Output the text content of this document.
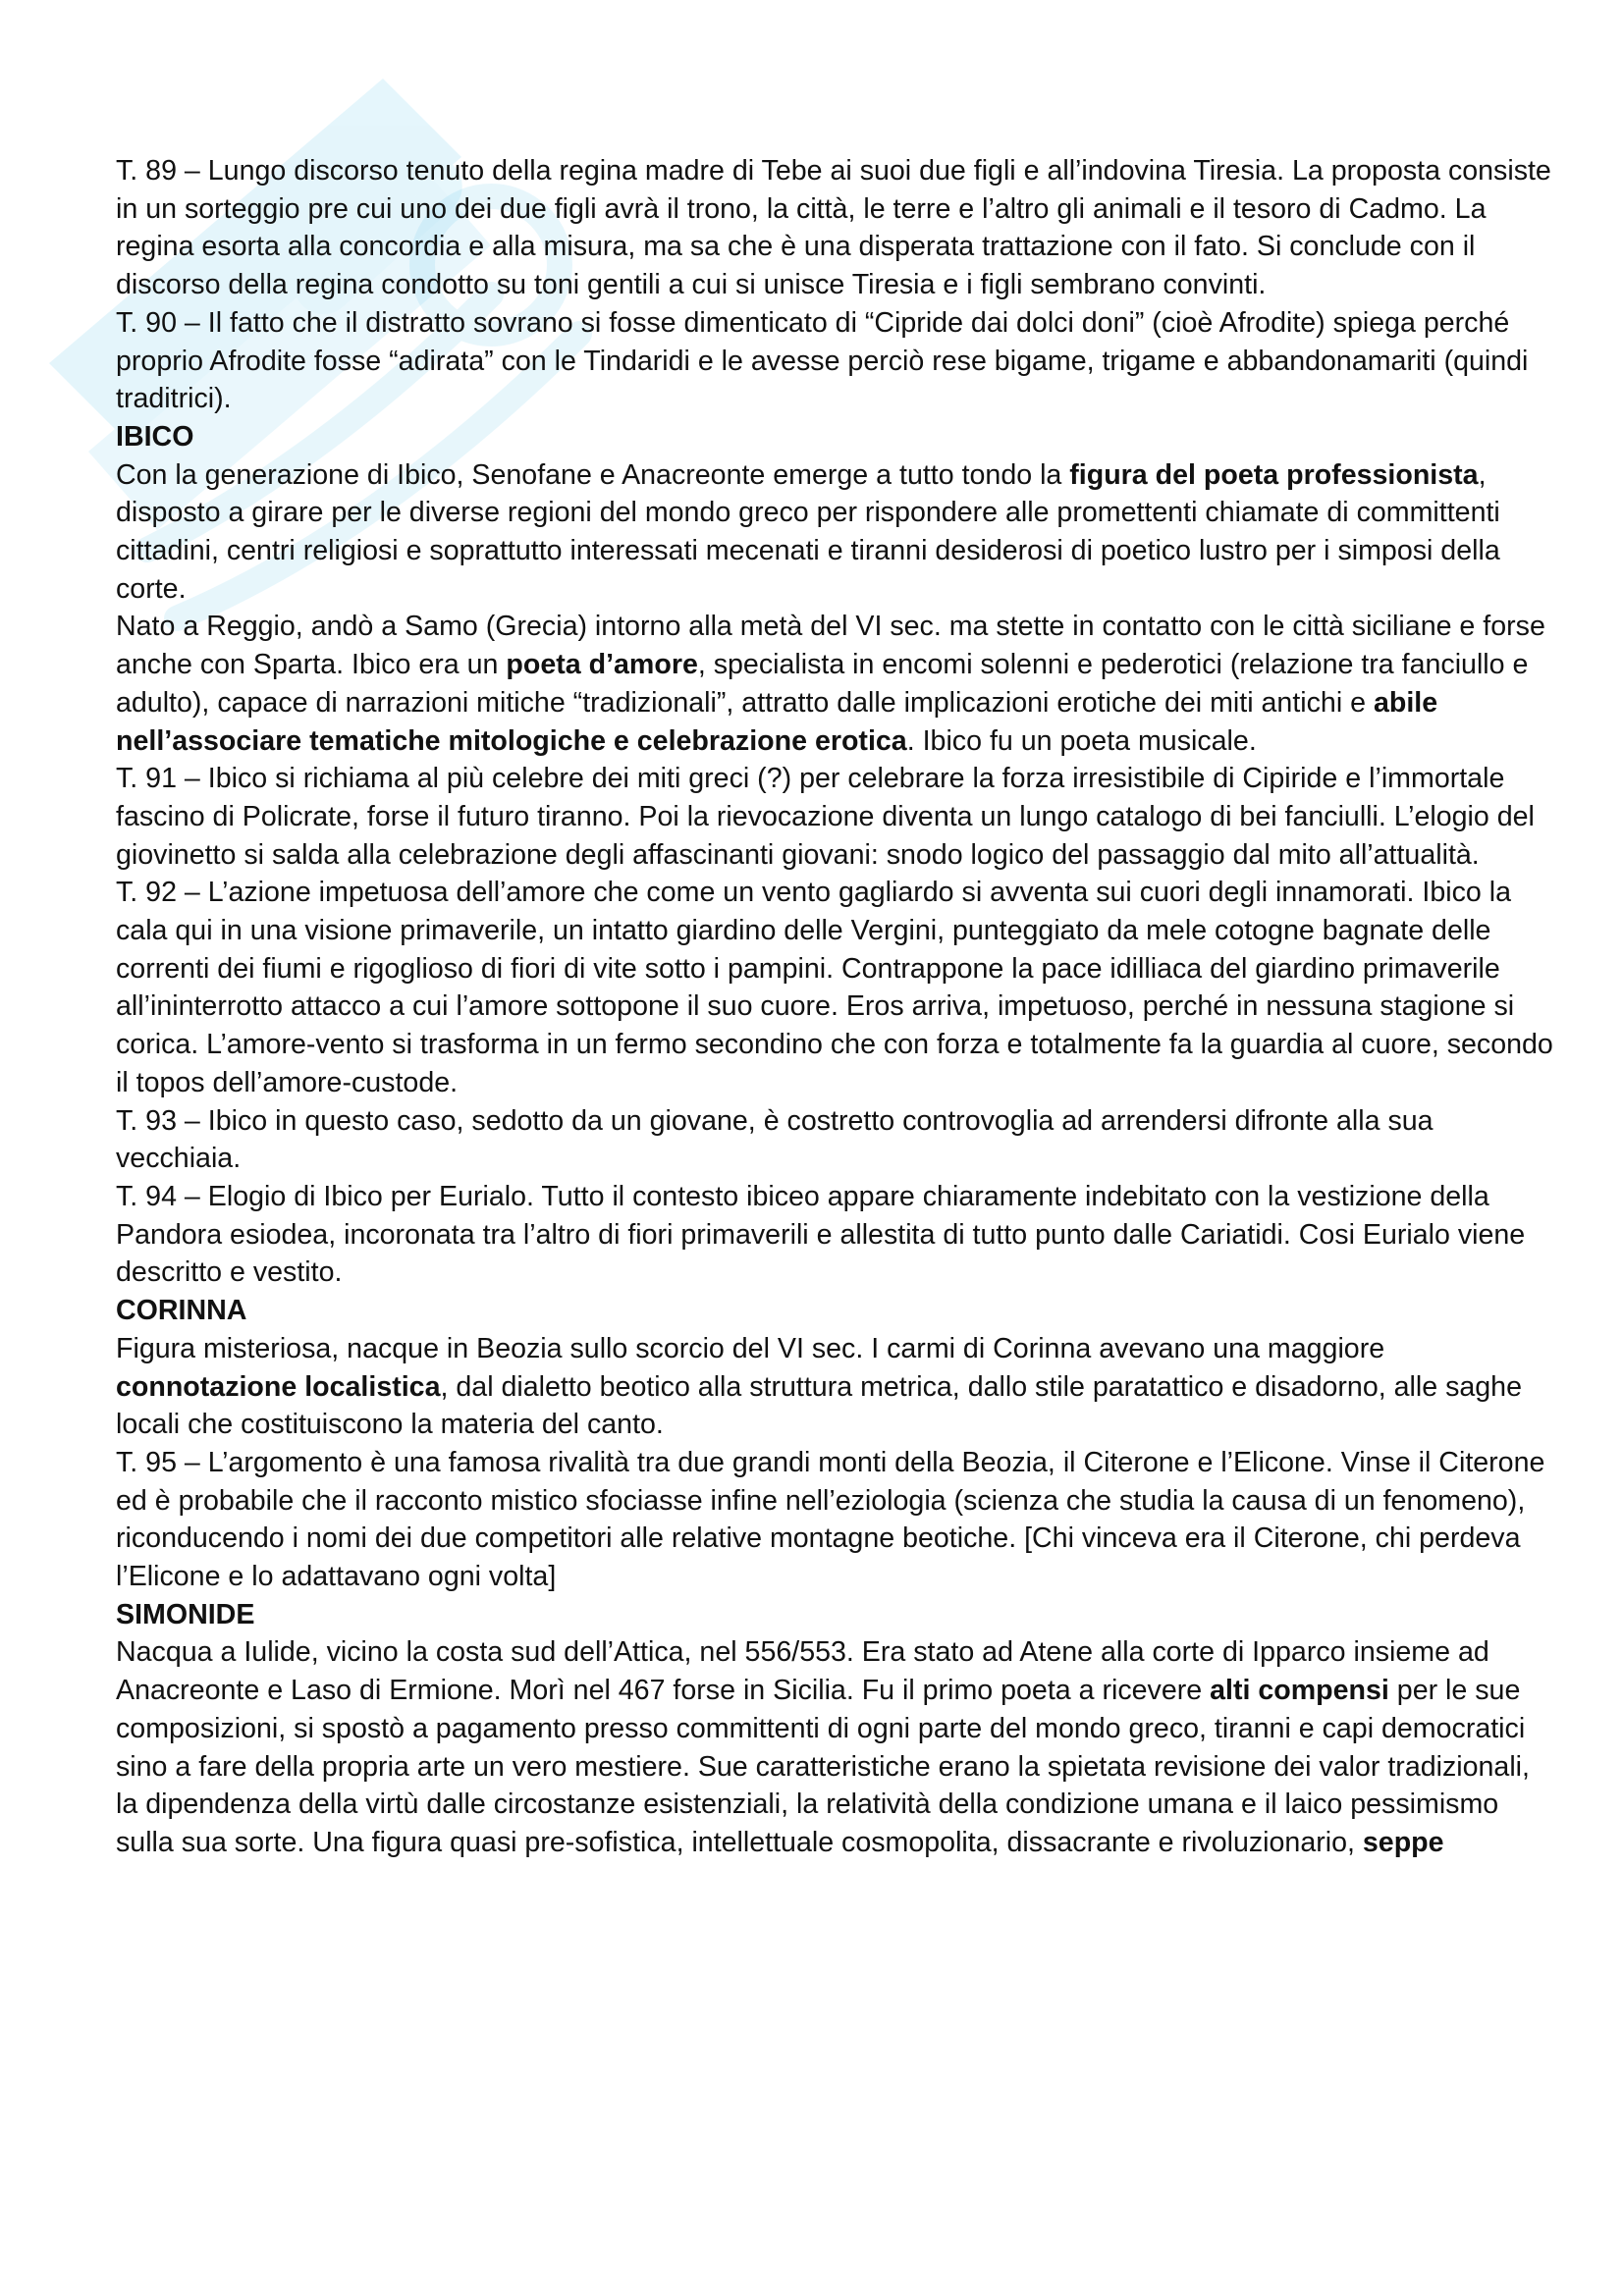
T. 89 – Lungo discorso tenuto della regina madre di Tebe ai suoi due figli e all’indovina Tiresia. La proposta consiste in un sorteggio pre cui uno dei due figli avrà il trono, la città, le terre e l’altro gli animali e il tesoro di Cadmo. La regina esorta alla concordia e alla misura, ma sa che è una disperata trattazione con il fato. Si conclude con il discorso della regina condotto su toni gentili a cui si unisce Tiresia e i figli sembrano convinti.

T. 90 – Il fatto che il distratto sovrano si fosse dimenticato di “Cipride dai dolci doni” (cioè Afrodite) spiega perché proprio Afrodite fosse “adirata” con le Tindaridi e le avesse perciò rese bigame, trigame e abbandonamariti (quindi traditrici).

IBICO

Con la generazione di Ibico, Senofane e Anacreonte emerge a tutto tondo la figura del poeta professionista, disposto a girare per le diverse regioni del mondo greco per rispondere alle promettenti chiamate di committenti cittadini, centri religiosi e soprattutto interessati mecenati e tiranni desiderosi di poetico lustro per i simposi della corte.

Nato a Reggio, andò a Samo (Grecia) intorno alla metà del VI sec. ma stette in contatto con le città siciliane e forse anche con Sparta. Ibico era un poeta d’amore, specialista in encomi solenni e pederotici (relazione tra fanciullo e adulto), capace di narrazioni mitiche “tradizionali”, attratto dalle implicazioni erotiche dei miti antichi e abile nell’associare tematiche mitologiche e celebrazione erotica. Ibico fu un poeta musicale.

T. 91 – Ibico si richiama al più celebre dei miti greci (?) per celebrare la forza irresistibile di Cipiride e l’immortale fascino di Policrate, forse il futuro tiranno. Poi la rievocazione diventa un lungo catalogo di bei fanciulli. L’elogio del giovinetto si salda alla celebrazione degli affascinanti giovani: snodo logico del passaggio dal mito all’attualità.

T. 92 – L’azione impetuosa dell’amore che come un vento gagliardo si avventa sui cuori degli innamorati. Ibico la cala qui in una visione primaverile, un intatto giardino delle Vergini, punteggiato da mele cotogne bagnate delle correnti dei fiumi e rigoglioso di fiori di vite sotto i pampini. Contrappone la pace idilliaca del giardino primaverile all’ininterrotto attacco a cui l’amore sottopone il suo cuore. Eros arriva, impetuoso, perché in nessuna stagione si corica. L’amore-vento si trasforma in un fermo secondino che con forza e totalmente fa la guardia al cuore, secondo il topos dell’amore-custode.

T. 93 – Ibico in questo caso, sedotto da un giovane, è costretto controvoglia ad arrendersi difronte alla sua vecchiaia.

T. 94 – Elogio di Ibico per Eurialo. Tutto il contesto ibiceo appare chiaramente indebitato con la vestizione della Pandora esiodea, incoronata tra l’altro di fiori primaverili e allestita di tutto punto dalle Cariatidi. Cosi Eurialo viene descritto e vestito.

CORINNA

Figura misteriosa, nacque in Beozia sullo scorcio del VI sec. I carmi di Corinna avevano una maggiore connotazione localistica, dal dialetto beotico alla struttura metrica, dallo stile paratattico e disadorno, alle saghe locali che costituiscono la materia del canto.

T. 95 – L’argomento è una famosa rivalità tra due grandi monti della Beozia, il Citerone e l’Elicone. Vinse il Citerone ed è probabile che il racconto mistico sfociasse infine nell’eziologia (scienza che studia la causa di un fenomeno), riconducendo i nomi dei due competitori alle relative montagne beotiche. [Chi vinceva era il Citerone, chi perdeva l’Elicone e lo adattavano ogni volta]

SIMONIDE

Nacqua a Iulide, vicino la costa sud dell’Attica, nel 556/553. Era stato ad Atene alla corte di Ipparco insieme ad Anacreonte e Laso di Ermione. Morì nel 467 forse in Sicilia. Fu il primo poeta a ricevere alti compensi per le sue composizioni, si spostò a pagamento presso committenti di ogni parte del mondo greco, tiranni e capi democratici sino a fare della propria arte un vero mestiere. Sue caratteristiche erano la spietata revisione dei valor tradizionali, la dipendenza della virtù dalle circostanze esistenziali, la relatività della condizione umana e il laico pessimismo sulla sua sorte. Una figura quasi pre-sofistica, intellettuale cosmopolita, dissacrante e rivoluzionario, seppe
